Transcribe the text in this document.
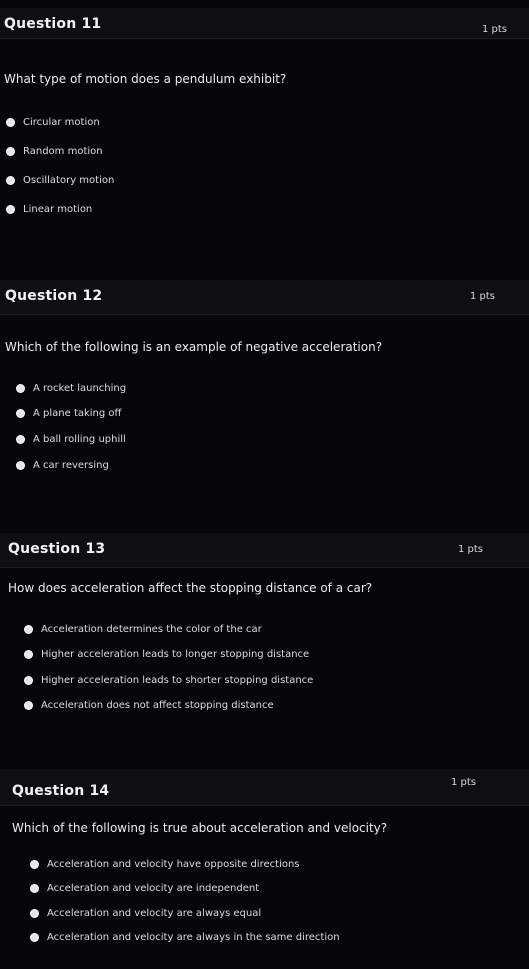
Question 11	1 pts
What type of motion does a pendulum exhibit?
Circular motion
Random motion
Oscillatory motion
Linear motion
Question 12	1 pts
Which of the following is an example of negative acceleration?
A rocket launching
A plane taking off
A ball rolling uphill
A car reversing
Question 13	1 pts
How does acceleration affect the stopping distance of a car?
Acceleration determines the color of the car
Higher acceleration leads to longer stopping distance
Higher acceleration leads to shorter stopping distance
Acceleration does not affect stopping distance
Question 14
1 pts
Which of the following is true about acceleration and velocity?
Acceleration and velocity have opposite directions
Acceleration and velocity are independent
Acceleration and velocity are always equal
Acceleration and velocity are always in the same direction
